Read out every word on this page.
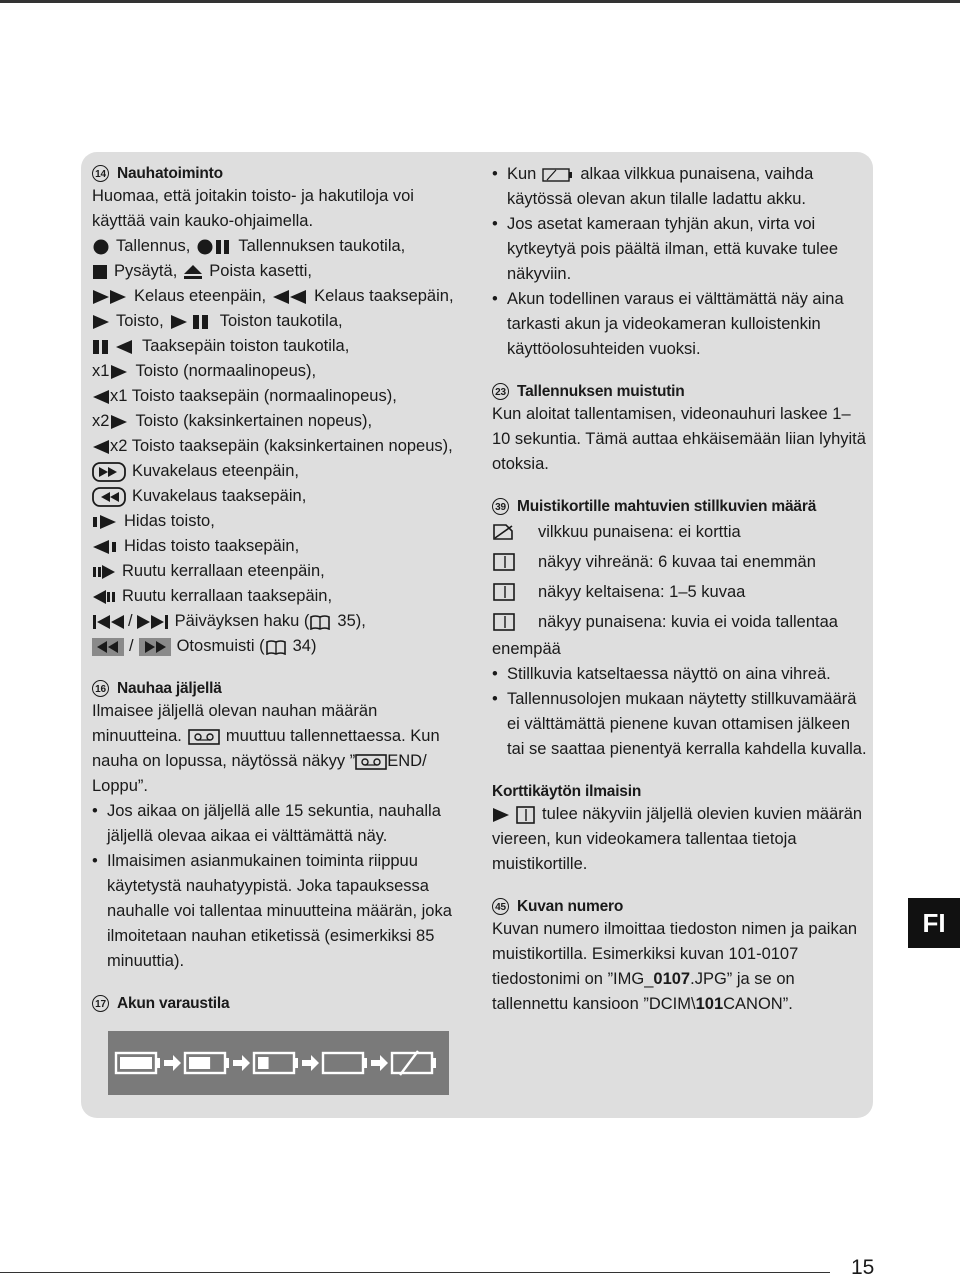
14 Nauhatoiminto

Huomaa, että joitakin toisto- ja hakutiloja voi

käyttää vain kauko-ohjaimella.

Tallennus,	Tallennuksen taukotila,
Pysäytä, Poista kasetti,
Kelaus eteenpäin,	Kelaus taaksepäin,
Toisto,	Toiston taukotila,
Taaksepäin toiston taukotila,
x1 Toisto (normaalinopeus),
x1 Toisto taaksepäin (normaalinopeus),
x2 Toisto (kaksinkertainen nopeus),
x2 Toisto taaksepäin (kaksinkertainen nopeus),
Kuvakelaus eteenpäin,
Kuvakelaus taaksepäin,
Hidas toisto,
Hidas toisto taaksepäin,
Ruutu kerrallaan eteenpäin,
Ruutu kerrallaan taaksepäin,
/	Päiväyksen haku ( 35),
/	Otosmuisti ( 34)
16 Nauhaa jäljellä

Ilmaisee jäljellä olevan nauhan määrän

minuutteina.	muuttuu tallennettaessa. Kun
nauha on lopussa, näytössä näkyy ” END/

Loppu”.

• Jos aikaa on jäljellä alle 15 sekuntia, nauhalla
jäljellä olevaa aikaa ei välttämättä näy.
• Ilmaisimen asianmukainen toiminta riippuu
käytetystä nauhatyypistä. Joka tapauksessa
nauhalle voi tallentaa minuutteina määrän, joka
ilmoitetaan nauhan etiketissä (esimerkiksi 85
minuuttia).
17 Akun varaustila
• Kun	alkaa vilkkua punaisena, vaihda
käytössä olevan akun tilalle ladattu akku.
• Jos asetat kameraan tyhjän akun, virta voi
kytkeytyä pois päältä ilman, että kuvake tulee
näkyviin.
• Akun todellinen varaus ei välttämättä näy aina
tarkasti akun ja videokameran kulloistenkin
käyttöolosuhteiden vuoksi.
23 Tallennuksen muistutin

Kun aloitat tallentamisen, videonauhuri laskee 1–

10 sekuntia. Tämä auttaa ehkäisemään liian lyhyitä

otoksia.

39 Muistikortille mahtuvien stillkuvien määrä
vilkkuu punaisena: ei korttia
näkyy vihreänä: 6 kuvaa tai enemmän
näkyy keltaisena: 1–5 kuvaa
näkyy punaisena: kuvia ei voida tallentaa

enempää

• Stillkuvia katseltaessa näyttö on aina vihreä.
• Tallennusolojen mukaan näytetty stillkuvamäärä
ei välttämättä pienene kuvan ottamisen jälkeen
tai se saattaa pienentyä kerralla kahdella kuvalla.
Korttikäytön ilmaisin
tulee näkyviin jäljellä olevien kuvien määrän

viereen, kun videokamera tallentaa tietoja

muistikortille.

45 Kuvan numero

Kuvan numero ilmoittaa tiedoston nimen ja paikan

muistikortilla. Esimerkiksi kuvan 101-0107

tiedostonimi on ”IMG_0107.JPG” ja se on

tallennettu kansioon ”DCIM\101CANON”.

FI
15
